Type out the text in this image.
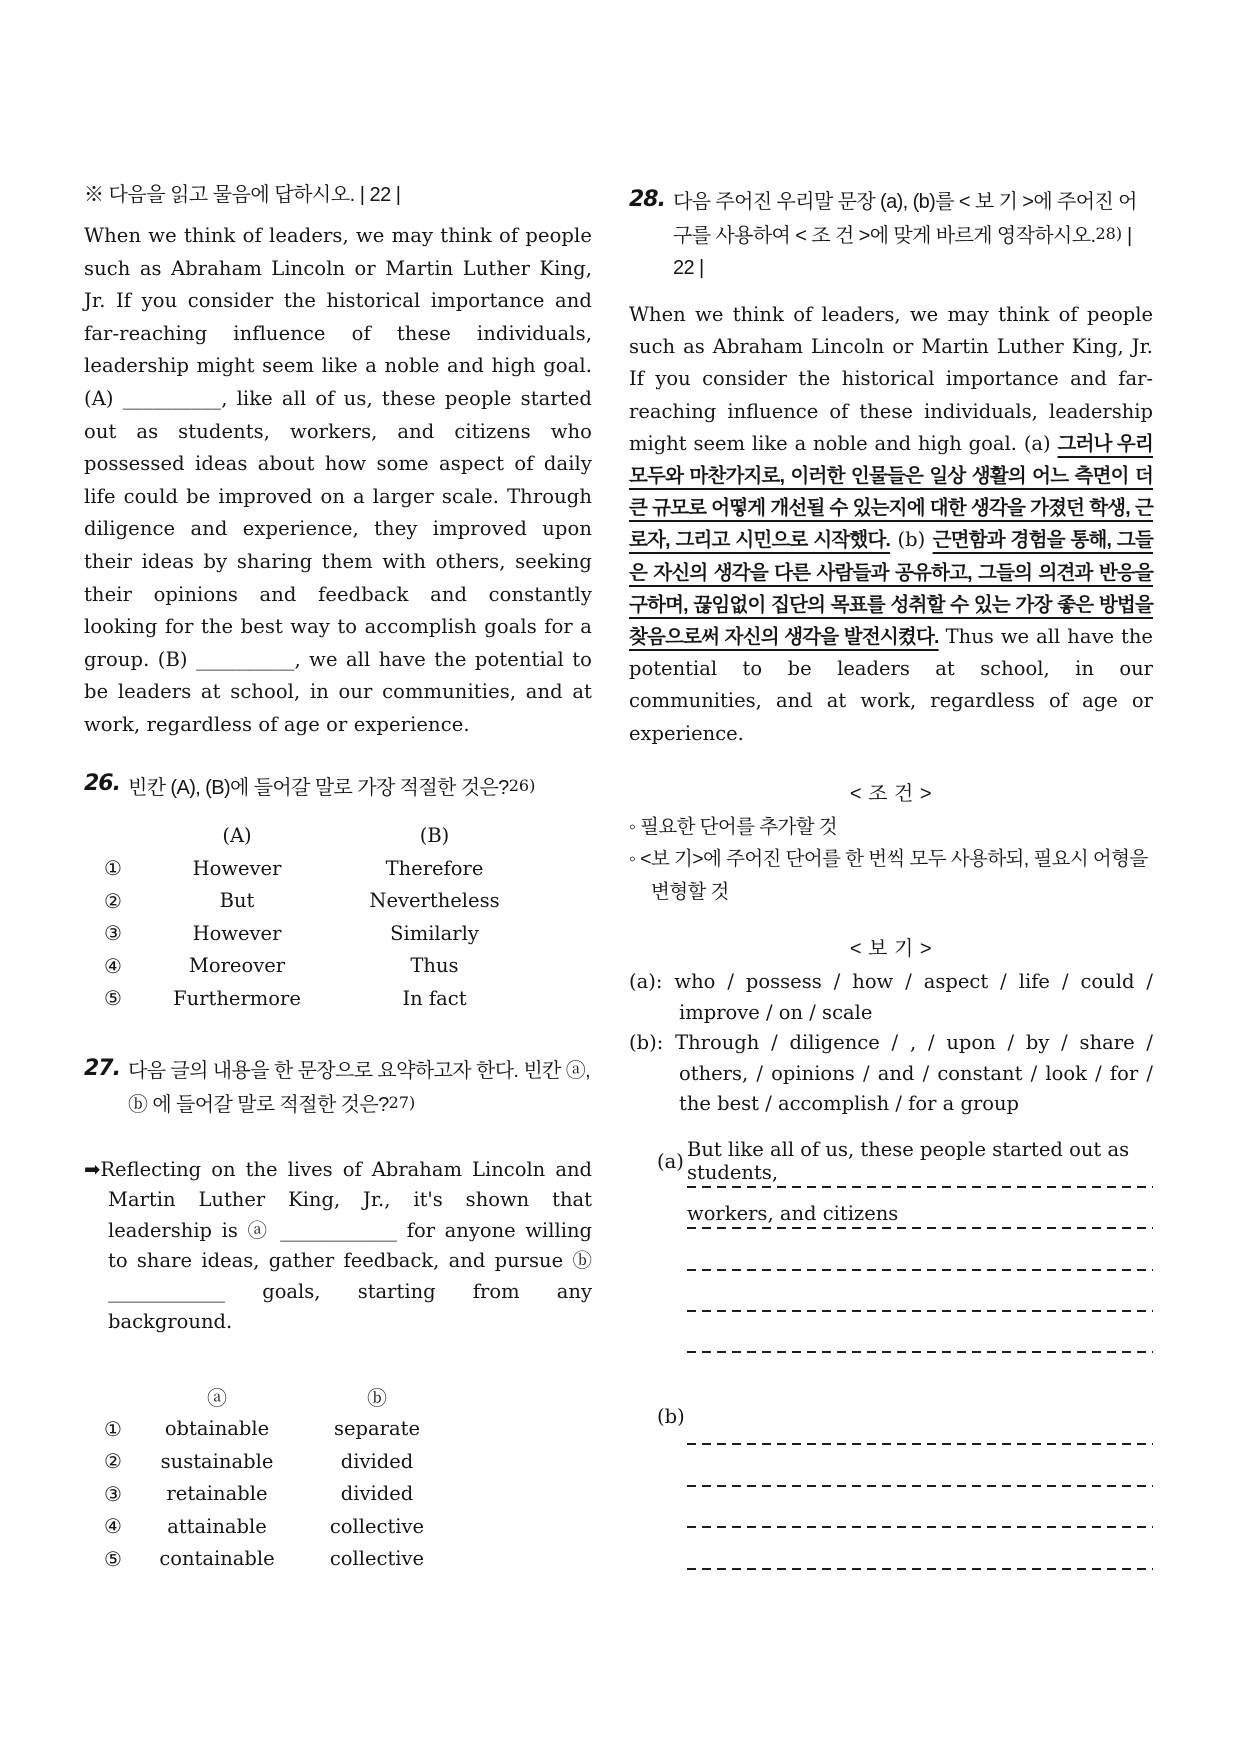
※ 다음을 읽고 물음에 답하시오. | 22 |
When we think of leaders, we may think of people such as Abraham Lincoln or Martin Luther King, Jr. If you consider the historical importance and far-reaching influence of these individuals, leadership might seem like a noble and high goal. (A) __________, like all of us, these people started out as students, workers, and citizens who possessed ideas about how some aspect of daily life could be improved on a larger scale. Through diligence and experience, they improved upon their ideas by sharing them with others, seeking their opinions and feedback and constantly looking for the best way to accomplish goals for a group. (B) __________, we all have the potential to be leaders at school, in our communities, and at work, regardless of age or experience.
26. 빈칸 (A), (B)에 들어갈 말로 가장 적절한 것은?26)
(A)	(B)
①	However	Therefore
②	But	Nevertheless
③	However	Similarly
④	Moreover	Thus
⑤	Furthermore	In fact
27. 다음 글의 내용을 한 문장으로 요약하고자 한다. 빈칸 ⓐ, ⓑ 에 들어갈 말로 적절한 것은?27)
➡Reflecting on the lives of Abraham Lincoln and Martin Luther King, Jr., it's shown that leadership is ⓐ ____________ for anyone willing to share ideas, gather feedback, and pursue ⓑ ____________ goals, starting from any background.
ⓐ	ⓑ
①	obtainable	separate
②	sustainable	divided
③	retainable	divided
④	attainable	collective
⑤	containable	collective
28. 다음 주어진 우리말 문장 (a), (b)를 < 보 기 >에 주어진 어구를 사용하여 < 조 건 >에 맞게 바르게 영작하시오.28) | 22 |
When we think of leaders, we may think of people such as Abraham Lincoln or Martin Luther King, Jr. If you consider the historical importance and far-reaching influence of these individuals, leadership might seem like a noble and high goal. (a) 그러나 우리 모두와 마찬가지로, 이러한 인물들은 일상 생활의 어느 측면이 더 큰 규모로 어떻게 개선될 수 있는지에 대한 생각을 가졌던 학생, 근로자, 그리고 시민으로 시작했다. (b) 근면함과 경험을 통해, 그들은 자신의 생각을 다른 사람들과 공유하고, 그들의 의견과 반응을 구하며, 끊임없이 집단의 목표를 성취할 수 있는 가장 좋은 방법을 찾음으로써 자신의 생각을 발전시켰다. Thus we all have the potential to be leaders at school, in our communities, and at work, regardless of age or experience.
< 조 건 >
◦ 필요한 단어를 추가할 것
◦ <보 기>에 주어진 단어를 한 번씩 모두 사용하되, 필요시 어형을 변형할 것
< 보 기 >
(a): who / possess / how / aspect / life / could / improve / on / scale
(b): Through / diligence / , / upon / by / share / others, / opinions / and / constant / look / for / the best / accomplish / for a group
(a)
But like all of us, these people started out as students,
workers, and citizens
(b)
